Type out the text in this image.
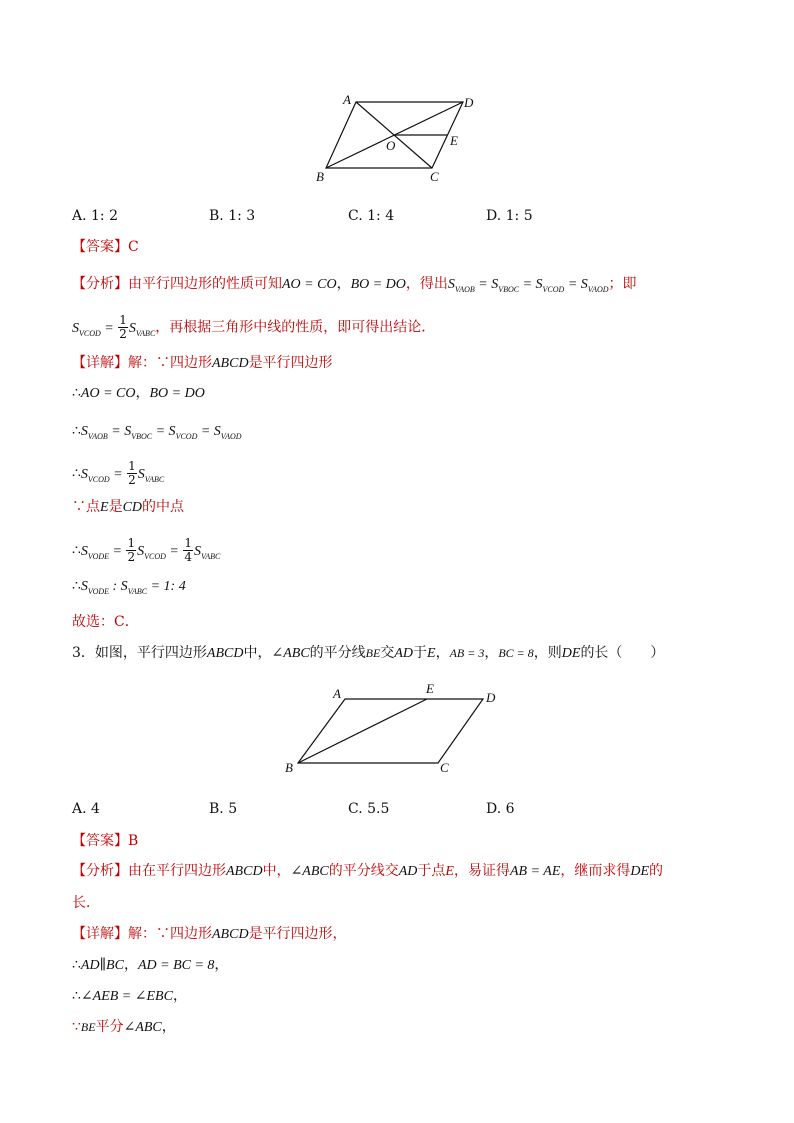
A	D
O	E
B	C
A. 1: 2	B. 1: 3	C. 1: 4	D. 1: 5
【答案】C
【分析】由平行四边形的性质可知AO = CO，BO = DO，得出$S_{VAOB} = S_{VBOC} = S_{VCOD} = S_{VAOD}$；即
$S_{VCOD} = \frac{1}{2} S_{VABC}$，再根据三角形中线的性质，即可得出结论．
【详解】解：∵四边形ABCD是平行四边形
∴AO = CO，BO = DO
$\therefore S_{VAOB} = S_{VBOC} = S_{VCOD} = S_{VAOD}$
$\therefore S_{VCOD} = \frac{1}{2} S_{VABC}$
∵点E是CD的中点
$\therefore S_{VODE} = \frac{1}{2} S_{VCOD} = \frac{1}{4} S_{VABC}$
$\therefore S_{VODE}$ : $S_{VABC} = 1$: 4
故选：C．
3．如图，平行四边形ABCD中，∠ABC的平分线BE交AD于E，AB = 3，BC = 8，则DE的长（　　）
A	E
D
B	C
A. 4	B. 5	C. 5.5	D. 6
【答案】B
【分析】由在平行四边形ABCD中，∠ABC的平分线交AD于点E，易证得AB = AE，继而求得DE的
长．
【详解】解：∵四边形ABCD是平行四边形，
∴AD∥BC，AD = BC = 8，
∴∠AEB = ∠EBC，
∵BE平分∠ABC，
